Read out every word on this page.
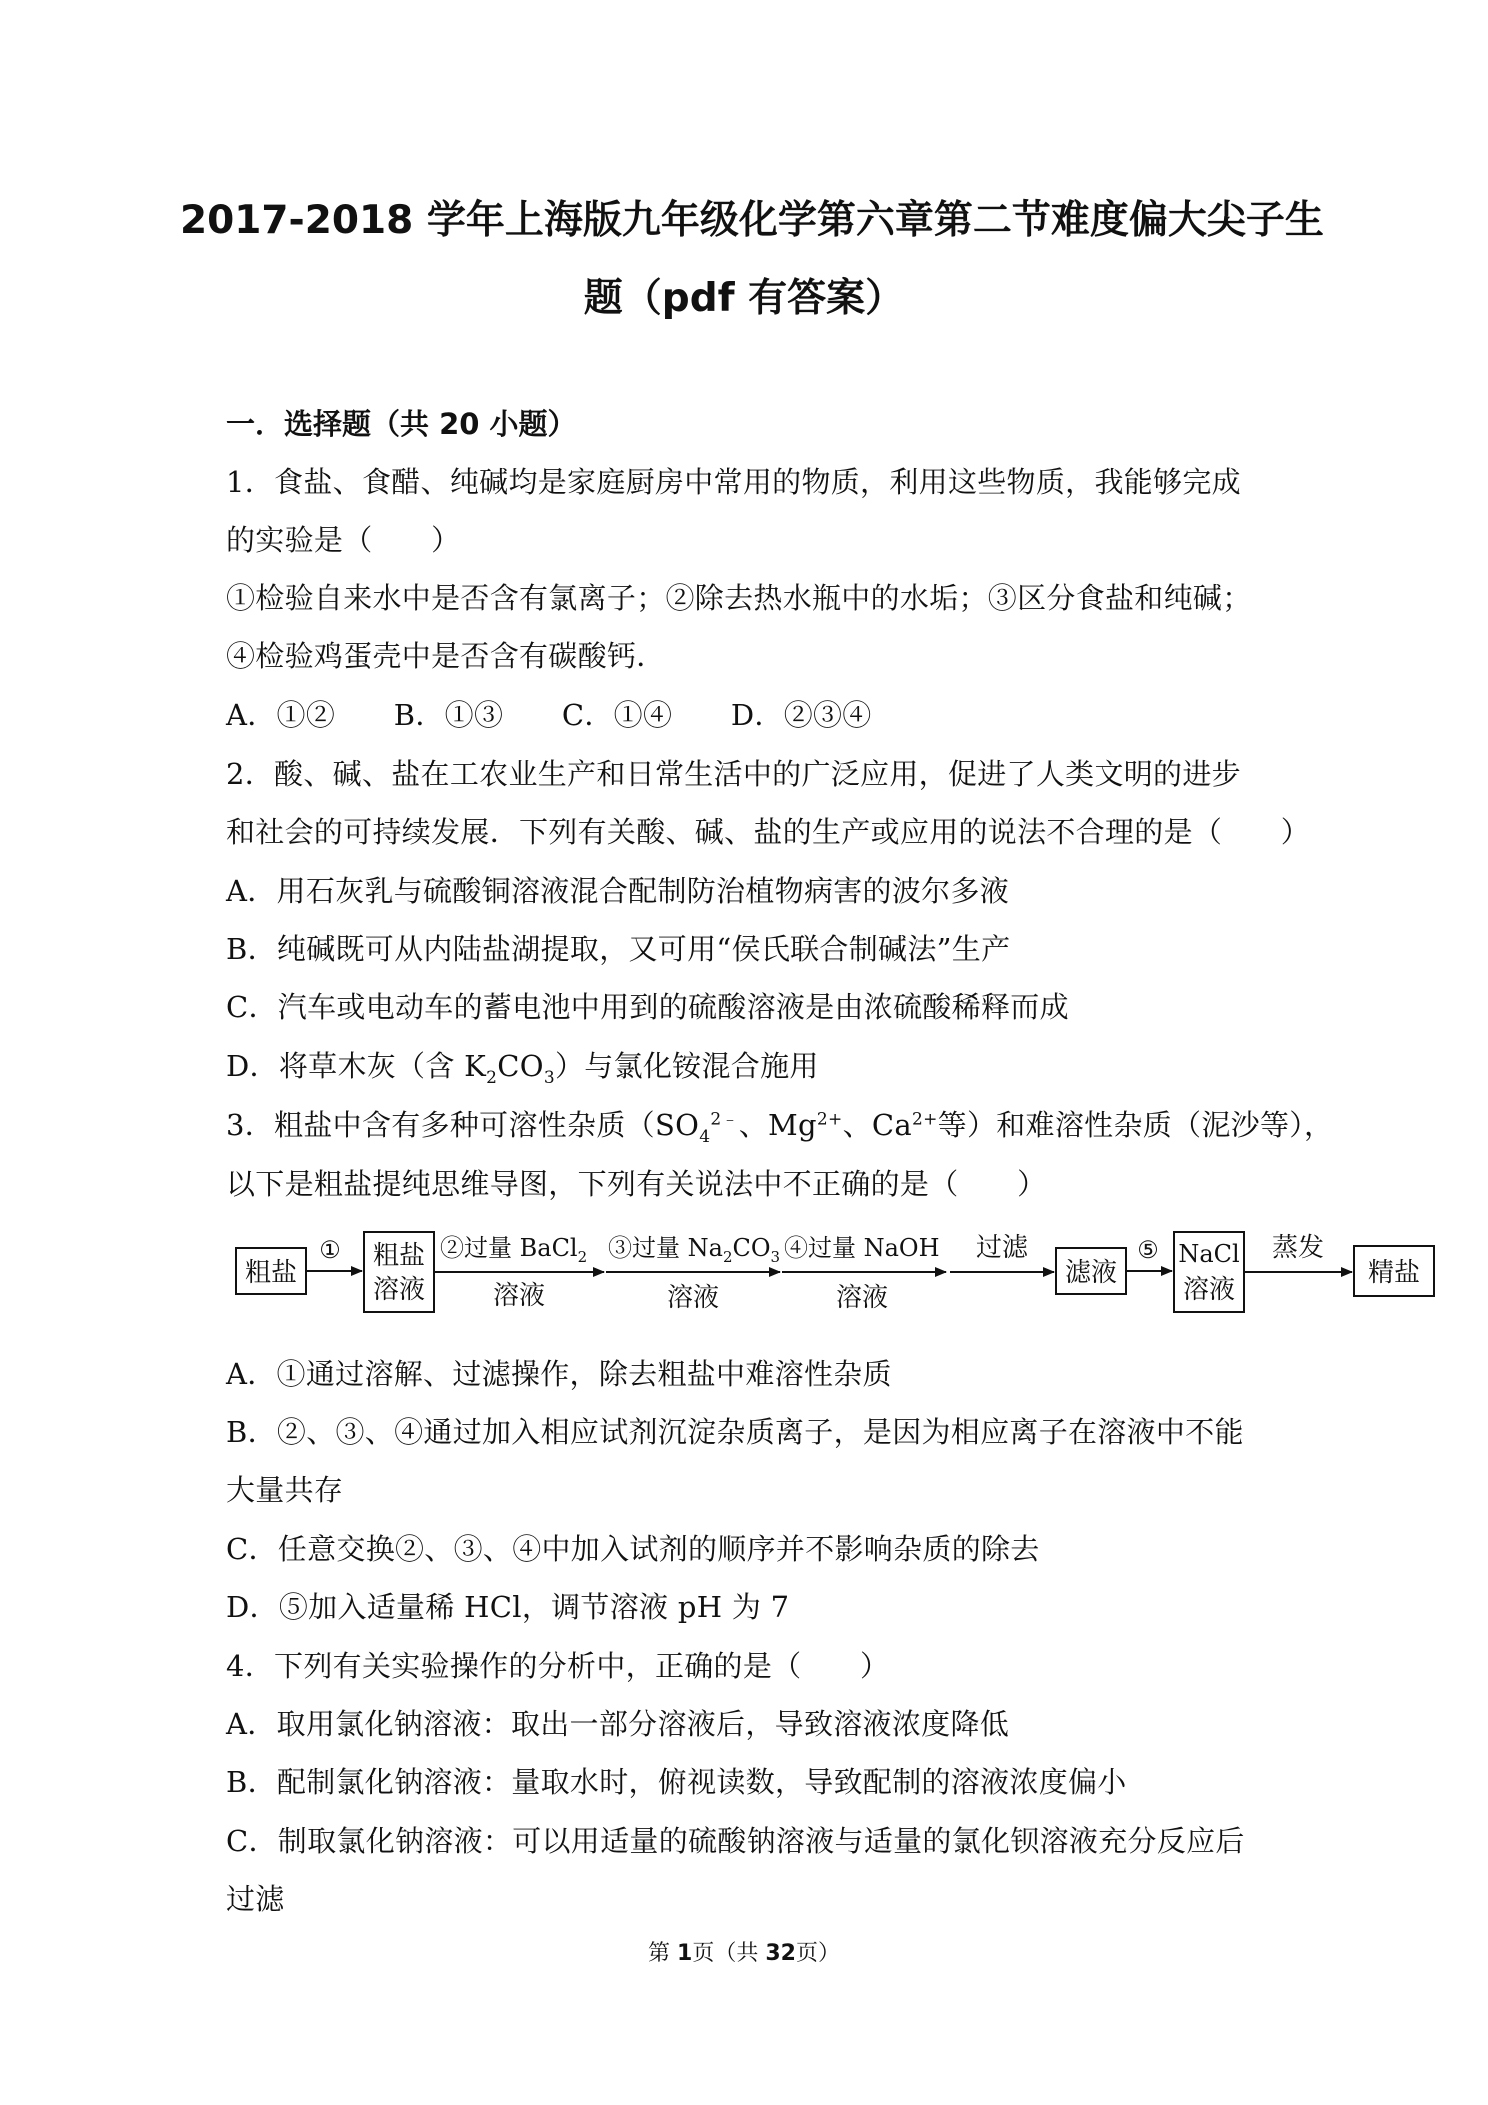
2017-2018 学年上海版九年级化学第六章第二节难度偏大尖子生
题（pdf 有答案）
一．选择题（共 20 小题）
1．食盐、食醋、纯碱均是家庭厨房中常用的物质，利用这些物质，我能够完成
的实验是（　　）
①检验自来水中是否含有氯离子；②除去热水瓶中的水垢；③区分食盐和纯碱；
④检验鸡蛋壳中是否含有碳酸钙．
A．①②　　B．①③　　C．①④　　D．②③④
2．酸、碱、盐在工农业生产和日常生活中的广泛应用，促进了人类文明的进步
和社会的可持续发展．下列有关酸、碱、盐的生产或应用的说法不合理的是（　　）
A．用石灰乳与硫酸铜溶液混合配制防治植物病害的波尔多液
B．纯碱既可从内陆盐湖提取，又可用“侯氏联合制碱法”生产
C．汽车或电动车的蓄电池中用到的硫酸溶液是由浓硫酸稀释而成
D．将草木灰（含 $K_2CO_3$）与氯化铵混合施用
3．粗盐中含有多种可溶性杂质（$SO_4^{2﹣}$、$Mg^{2+}$、$Ca^{2+}$等）和难溶性杂质（泥沙等），
以下是粗盐提纯思维导图，下列有关说法中不正确的是（　　）
粗盐
① 粗盐
溶液
②过量 BaCl$_2$
溶液
③过量 $Na_2CO_3$
溶液
④过量 NaOH
溶液
过滤
滤液
⑤ NaCl
溶液
蒸发
精盐
A．①通过溶解、过滤操作，除去粗盐中难溶性杂质
B．②、③、④通过加入相应试剂沉淀杂质离子，是因为相应离子在溶液中不能
大量共存
C．任意交换②、③、④中加入试剂的顺序并不影响杂质的除去
D．⑤加入适量稀 HCl，调节溶液 pH 为 7
4．下列有关实验操作的分析中，正确的是（　　）
A．取用氯化钠溶液：取出一部分溶液后，导致溶液浓度降低
B．配制氯化钠溶液：量取水时，俯视读数，导致配制的溶液浓度偏小
C．制取氯化钠溶液：可以用适量的硫酸钠溶液与适量的氯化钡溶液充分反应后
过滤
第 1页（共 32页）
